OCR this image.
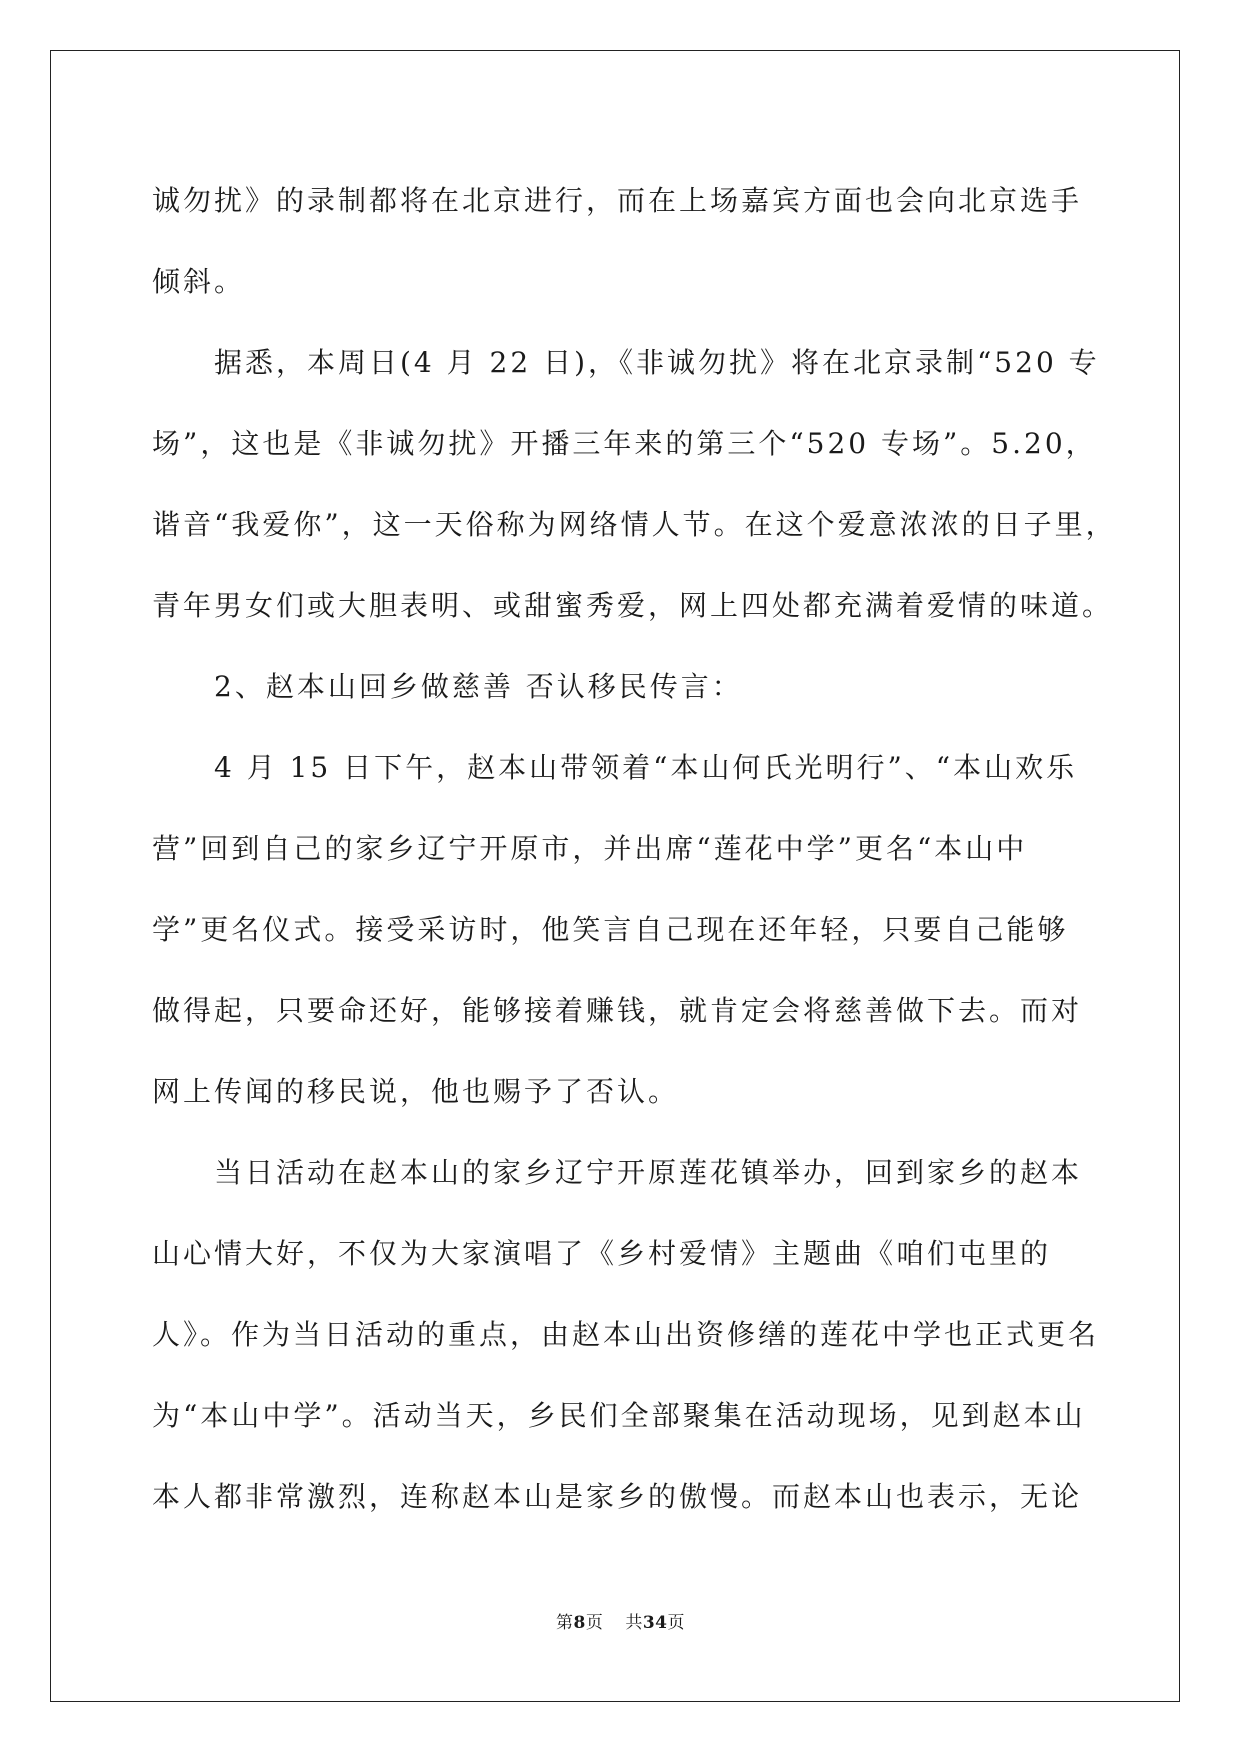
诚勿扰》的录制都将在北京进行，而在上场嘉宾方面也会向北京选手
倾斜。
据悉，本周日(4 月 22 日)，《非诚勿扰》将在北京录制“520 专
场”，这也是《非诚勿扰》开播三年来的第三个“520 专场”。5.20，
谐音“我爱你”，这一天俗称为网络情人节。在这个爱意浓浓的日子里，
青年男女们或大胆表明、或甜蜜秀爱，网上四处都充满着爱情的味道。
2、赵本山回乡做慈善 否认移民传言：
4 月 15 日下午，赵本山带领着“本山何氏光明行”、“本山欢乐
营”回到自己的家乡辽宁开原市，并出席“莲花中学”更名“本山中
学”更名仪式。接受采访时，他笑言自己现在还年轻，只要自己能够
做得起，只要命还好，能够接着赚钱，就肯定会将慈善做下去。而对
网上传闻的移民说，他也赐予了否认。
当日活动在赵本山的家乡辽宁开原莲花镇举办，回到家乡的赵本
山心情大好，不仅为大家演唱了《乡村爱情》主题曲《咱们屯里的
人》。作为当日活动的重点，由赵本山出资修缮的莲花中学也正式更名
为“本山中学”。活动当天，乡民们全部聚集在活动现场，见到赵本山
本人都非常激烈，连称赵本山是家乡的傲慢。而赵本山也表示，无论
第8页 共34页
